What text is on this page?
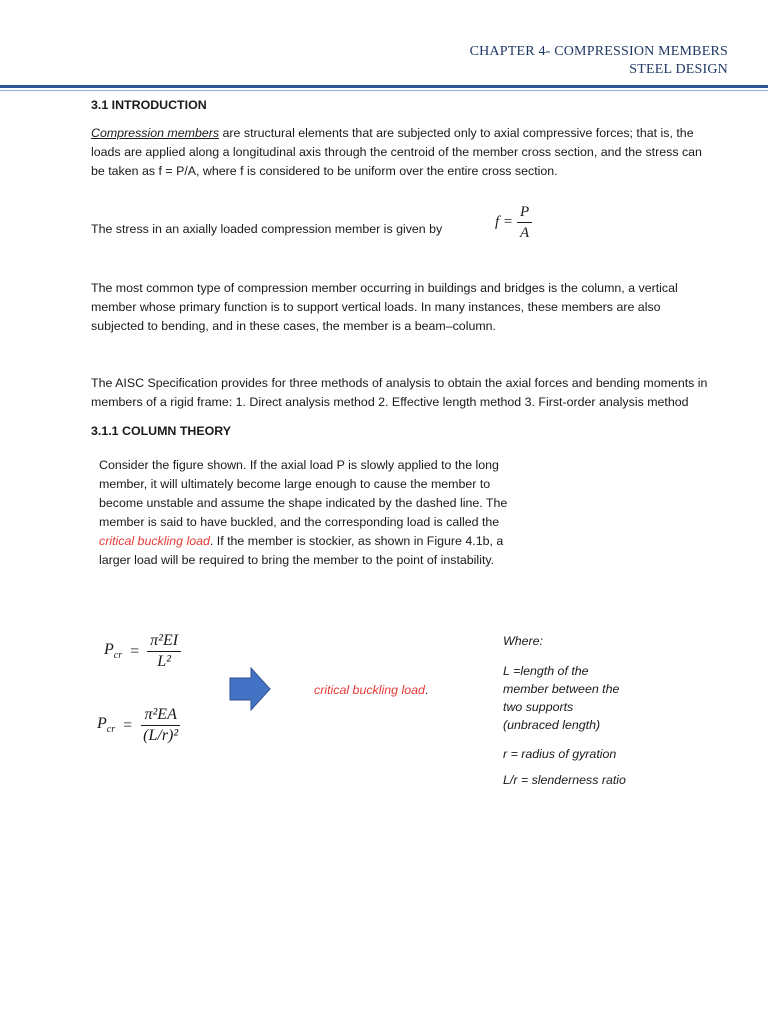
CHAPTER 4- COMPRESSION MEMBERS
STEEL DESIGN
3.1 INTRODUCTION
Compression members are structural elements that are subjected only to axial compressive forces; that is, the
loads are applied along a longitudinal axis through the centroid of the member cross section, and the stress can
be taken as f = P/A, where f is considered to be uniform over the entire cross section.
The stress in an axially loaded compression member is given by	$f = \frac{P}{A}$
The most common type of compression member occurring in buildings and bridges is the column, a vertical
member whose primary function is to support vertical loads. In many instances, these members are also
subjected to bending, and in these cases, the member is a beam–column.
The AISC Specification provides for three methods of analysis to obtain the axial forces and bending moments in
members of a rigid frame: 1. Direct analysis method 2. Effective length method 3. First-order analysis method
3.1.1 COLUMN THEORY
Consider the figure shown. If the axial load P is slowly applied to the long
member, it will ultimately become large enough to cause the member to
become unstable and assume the shape indicated by the dashed line. The
member is said to have buckled, and the corresponding load is called the
critical buckling load. If the member is stockier, as shown in Figure 4.1b, a
larger load will be required to bring the member to the point of instability.
$P_{cr} = \frac{\text{π²EI}}{\text{L²}}$
$P_{cr} = \frac{\text{π²EA}}{\text{(L/r)²}}$
critical buckling load.
Where:
L =length of the
member between the
two supports
(unbraced length)
r = radius of gyration
L/r = slenderness ratio
